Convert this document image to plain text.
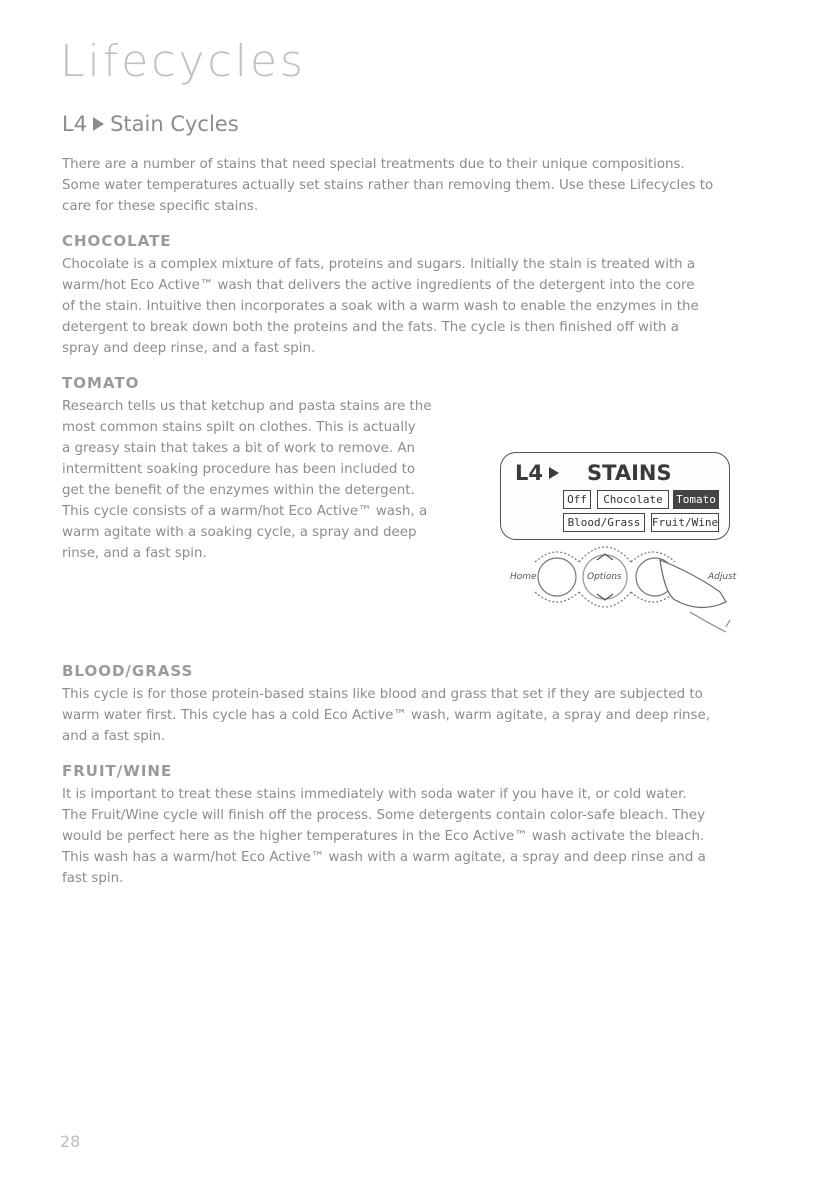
Lifecycles
L4 Stain Cycles

There are a number of stains that need special treatments due to their unique compositions.

Some water temperatures actually set stains rather than removing them. Use these Lifecycles to

care for these specific stains.

CHOCOLATE

Chocolate is a complex mixture of fats, proteins and sugars. Initially the stain is treated with a

warm/hot Eco Active™ wash that delivers the active ingredients of the detergent into the core

of the stain. Intuitive then incorporates a soak with a warm wash to enable the enzymes in the

detergent to break down both the proteins and the fats. The cycle is then finished off with a

spray and deep rinse, and a fast spin.

TOMATO

Research tells us that ketchup and pasta stains are the

most common stains spilt on clothes. This is actually

a greasy stain that takes a bit of work to remove. An

intermittent soaking procedure has been included to

get the benefit of the enzymes within the detergent.

This cycle consists of a warm/hot Eco Active™ wash, a

warm agitate with a soaking cycle, a spray and deep

rinse, and a fast spin.

L4 STAINS
Off	Chocolate	Tomato
Blood/Grass	Fruit/Wine
Home	Options	Adjust
BLOOD/GRASS

This cycle is for those protein-based stains like blood and grass that set if they are subjected to

warm water first. This cycle has a cold Eco Active™ wash, warm agitate, a spray and deep rinse,

and a fast spin.

FRUIT/WINE

It is important to treat these stains immediately with soda water if you have it, or cold water.

The Fruit/Wine cycle will finish off the process. Some detergents contain color-safe bleach. They

would be perfect here as the higher temperatures in the Eco Active™ wash activate the bleach.

This wash has a warm/hot Eco Active™ wash with a warm agitate, a spray and deep rinse and a

fast spin.

28
